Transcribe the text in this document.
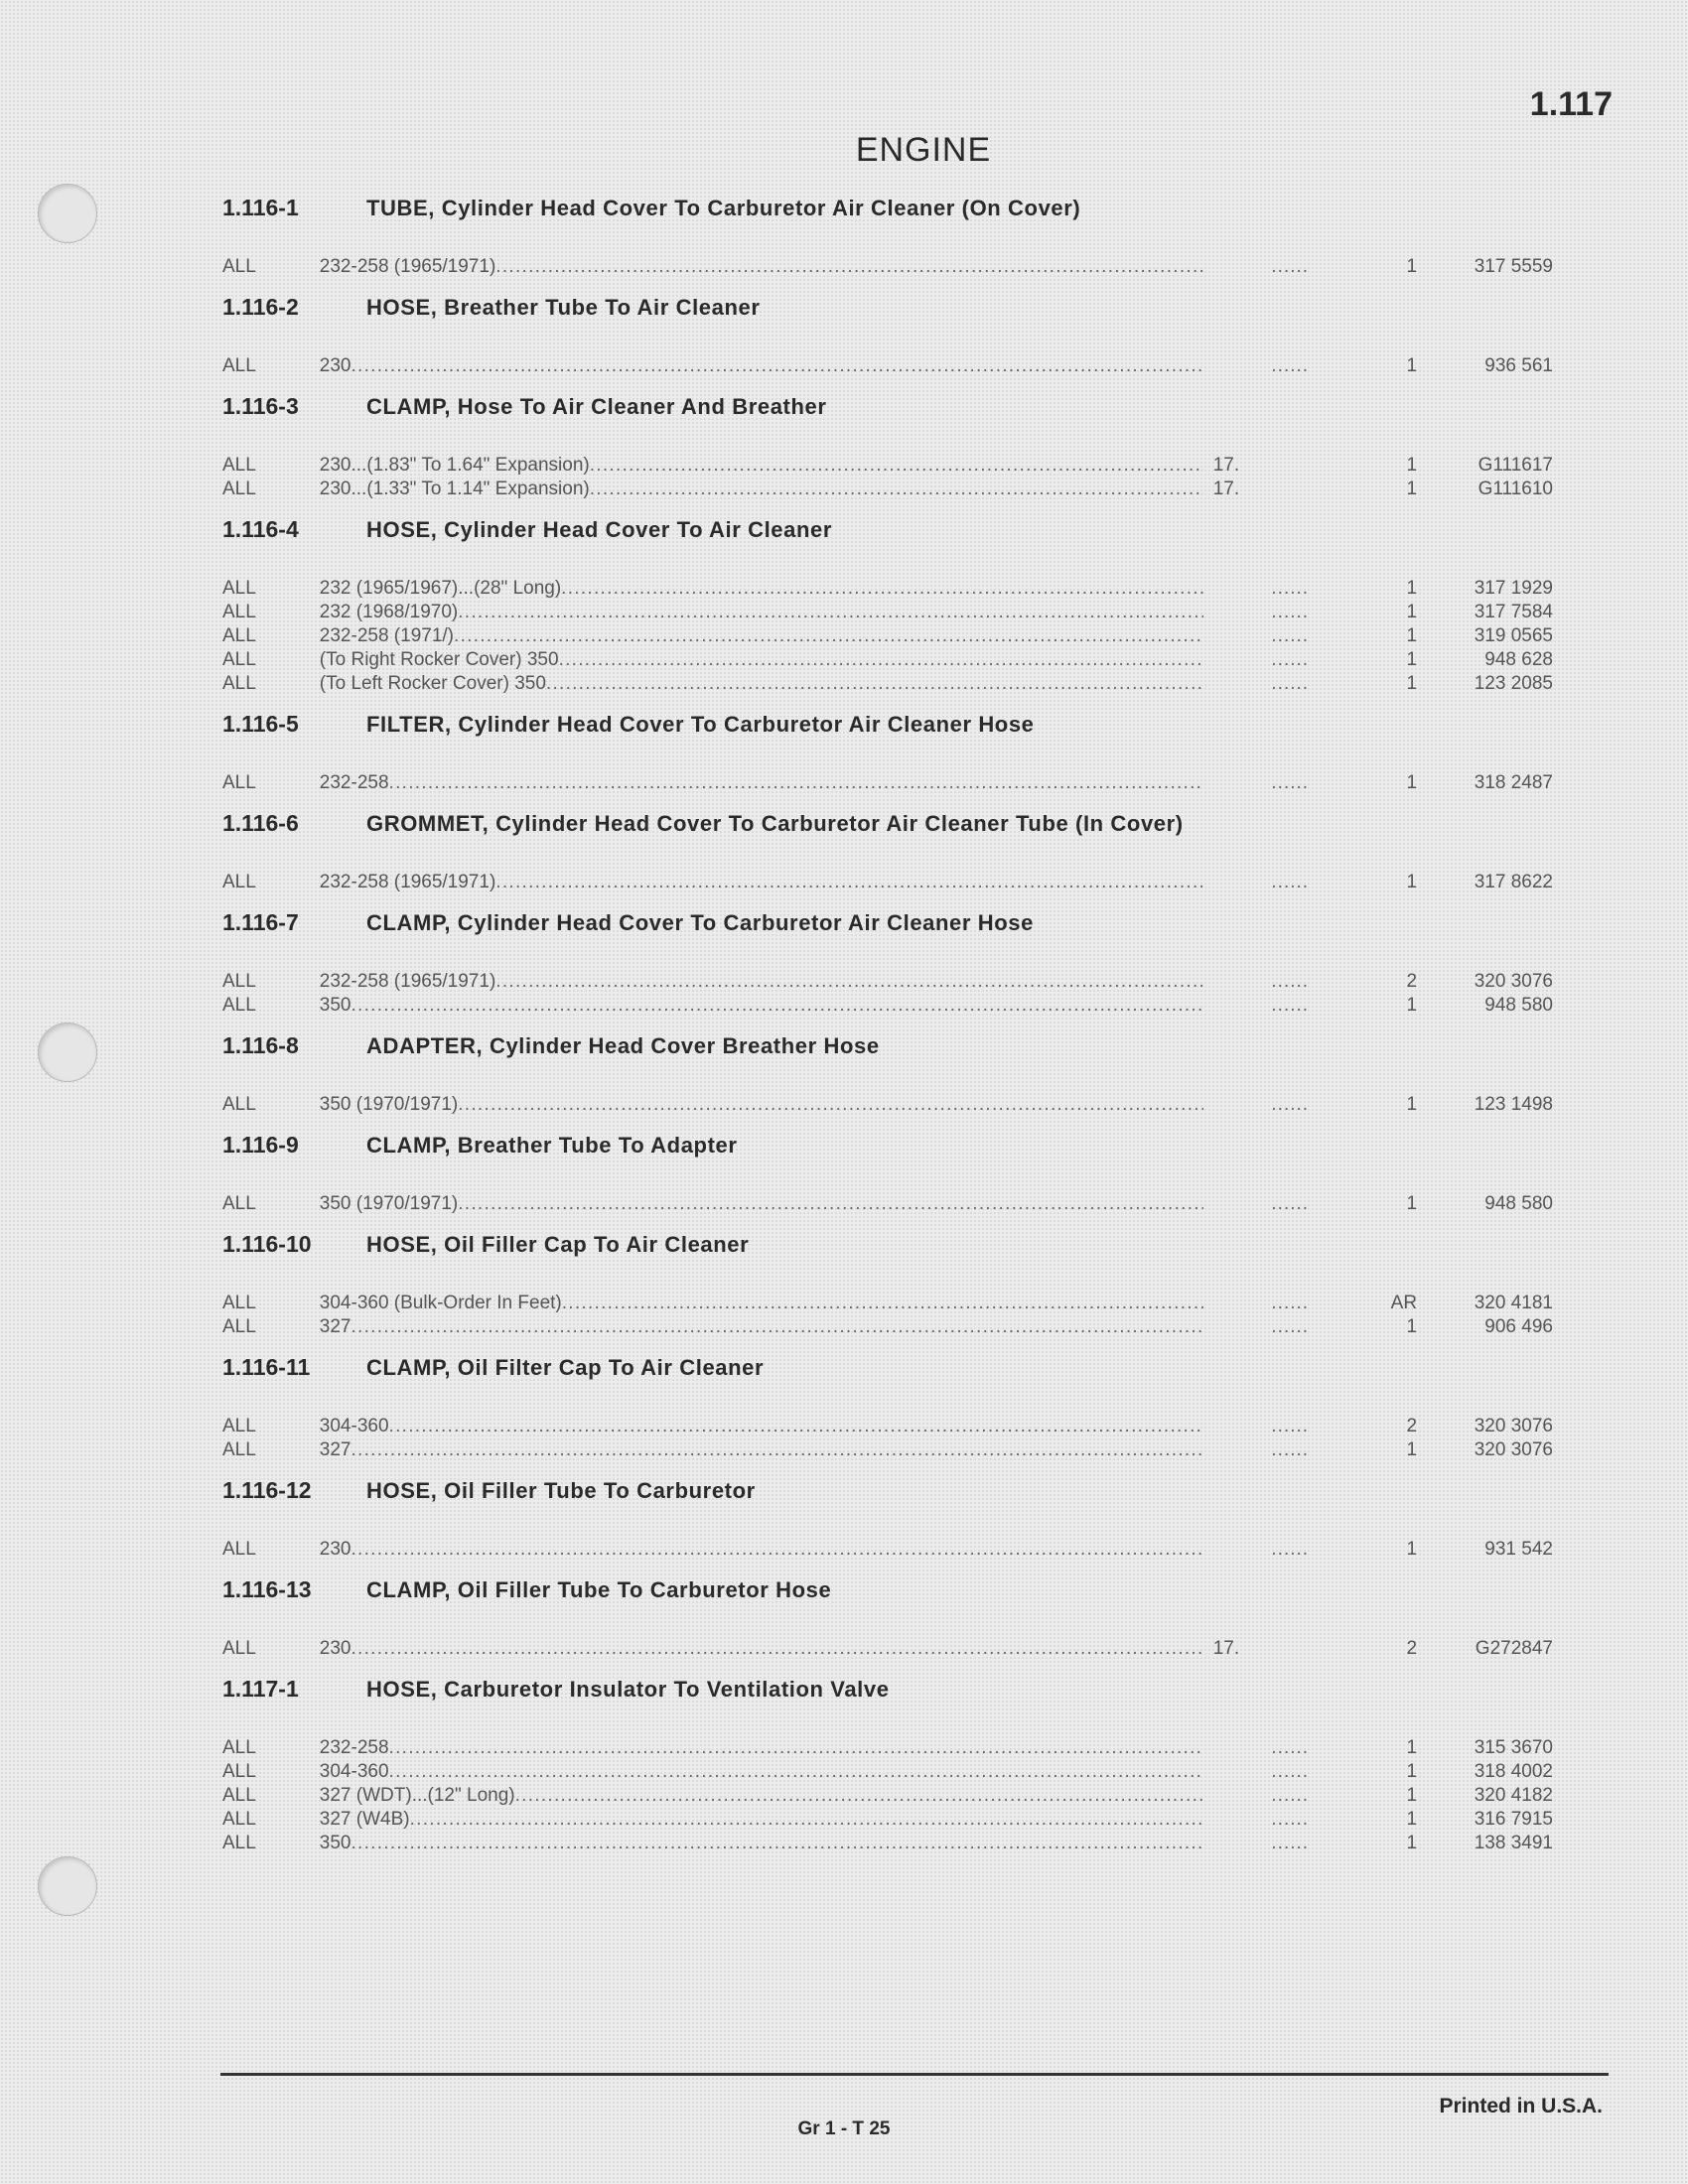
1.117
ENGINE
1.116-1	TUBE, Cylinder Head Cover To Carburetor Air Cleaner (On Cover)
ALL	232-258 (1965/1971) . . .	......	1	317 5559
1.116-2	HOSE, Breather Tube To Air Cleaner
ALL	230 . . .	......	1	936 561
1.116-3	CLAMP, Hose To Air Cleaner And Breather
ALL	230...(1.83" To 1.64" Expansion) . . .	17.	1	G111617
ALL	230...(1.33" To 1.14" Expansion) . . .	17.	1	G111610
1.116-4	HOSE, Cylinder Head Cover To Air Cleaner
ALL	232 (1965/1967)...(28" Long) . . .	......	1	317 1929
ALL	232 (1968/1970) . . .	......	1	317 7584
ALL	232-258 (1971/) . . .	......	1	319 0565
ALL	(To Right Rocker Cover) 350 . . .	......	1	948 628
ALL	(To Left Rocker Cover) 350 . . .	......	1	123 2085
1.116-5	FILTER, Cylinder Head Cover To Carburetor Air Cleaner Hose
ALL	232-258 . . .	......	1	318 2487
1.116-6	GROMMET, Cylinder Head Cover To Carburetor Air Cleaner Tube (In Cover)
ALL	232-258 (1965/1971) . . .	......	1	317 8622
1.116-7	CLAMP, Cylinder Head Cover To Carburetor Air Cleaner Hose
ALL	232-258 (1965/1971) . . .	......	2	320 3076
ALL	350 . . .	......	1	948 580
1.116-8	ADAPTER, Cylinder Head Cover Breather Hose
ALL	350 (1970/1971) . . .	......	1	123 1498
1.116-9	CLAMP, Breather Tube To Adapter
ALL	350 (1970/1971) . . .	......	1	948 580
1.116-10	HOSE, Oil Filler Cap To Air Cleaner
ALL	304-360 (Bulk-Order In Feet) . . .	......	AR	320 4181
ALL	327 . . .	......	1	906 496
1.116-11	CLAMP, Oil Filter Cap To Air Cleaner
ALL	304-360 . . .	......	2	320 3076
ALL	327 . . .	......	1	320 3076
1.116-12	HOSE, Oil Filler Tube To Carburetor
ALL	230 . . .	......	1	931 542
1.116-13	CLAMP, Oil Filler Tube To Carburetor Hose
ALL	230 . . .	17.	2	G272847
1.117-1	HOSE, Carburetor Insulator To Ventilation Valve
ALL	232-258 . . .	......	1	315 3670
ALL	304-360 . . .	......	1	318 4002
ALL	327 (WDT)...(12" Long) . . .	......	1	320 4182
ALL	327 (W4B) . . .	......	1	316 7915
ALL	350 . . .	......	1	138 3491
Printed in U.S.A.
Gr 1 - T 25
